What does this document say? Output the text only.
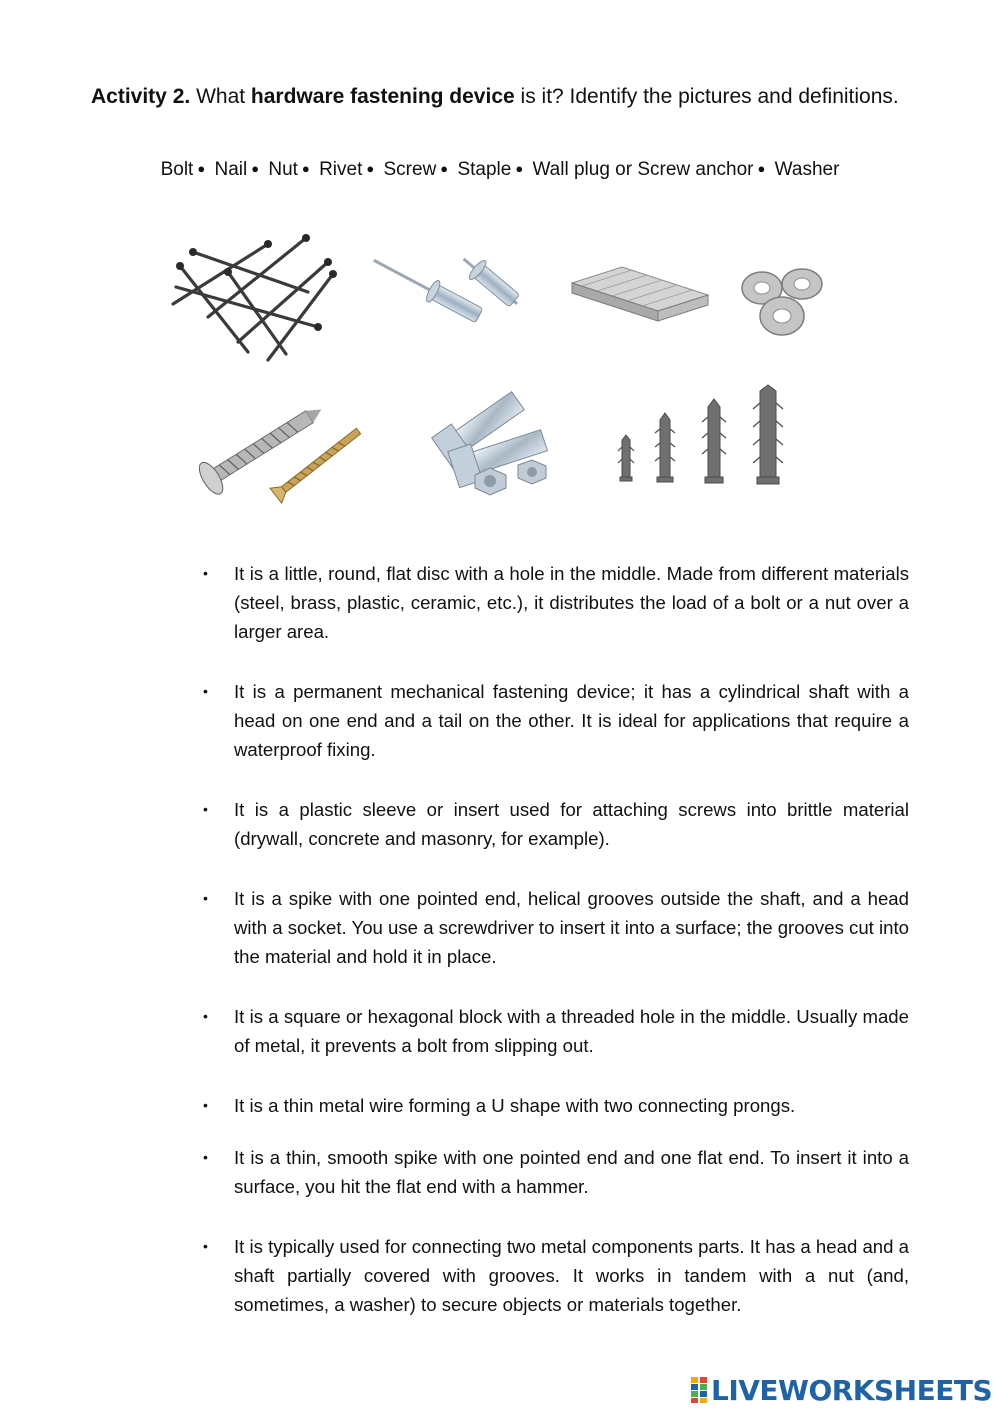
Activity 2. What hardware fastening device is it? Identify the pictures and definitions.
Bolt ● Nail ● Nut ● Rivet ● Screw ● Staple ● Wall plug or Screw anchor ● Washer
• It is a little, round, flat disc with a hole in the middle. Made from different materials (steel, brass, plastic, ceramic, etc.), it distributes the load of a bolt or a nut over a larger area.
• It is a permanent mechanical fastening device; it has a cylindrical shaft with a head on one end and a tail on the other. It is ideal for applications that require a waterproof fixing.
• It is a plastic sleeve or insert used for attaching screws into brittle material (drywall, concrete and masonry, for example).
• It is a spike with one pointed end, helical grooves outside the shaft, and a head with a socket. You use a screwdriver to insert it into a surface; the grooves cut into the material and hold it in place.
• It is a square or hexagonal block with a threaded hole in the middle. Usually made of metal, it prevents a bolt from slipping out.
• It is a thin metal wire forming a U shape with two connecting prongs.
• It is a thin, smooth spike with one pointed end and one flat end. To insert it into a surface, you hit the flat end with a hammer.
• It is typically used for connecting two metal components parts. It has a head and a shaft partially covered with grooves. It works in tandem with a nut (and, sometimes, a washer) to secure objects or materials together.
LIVEWORKSHEETS
